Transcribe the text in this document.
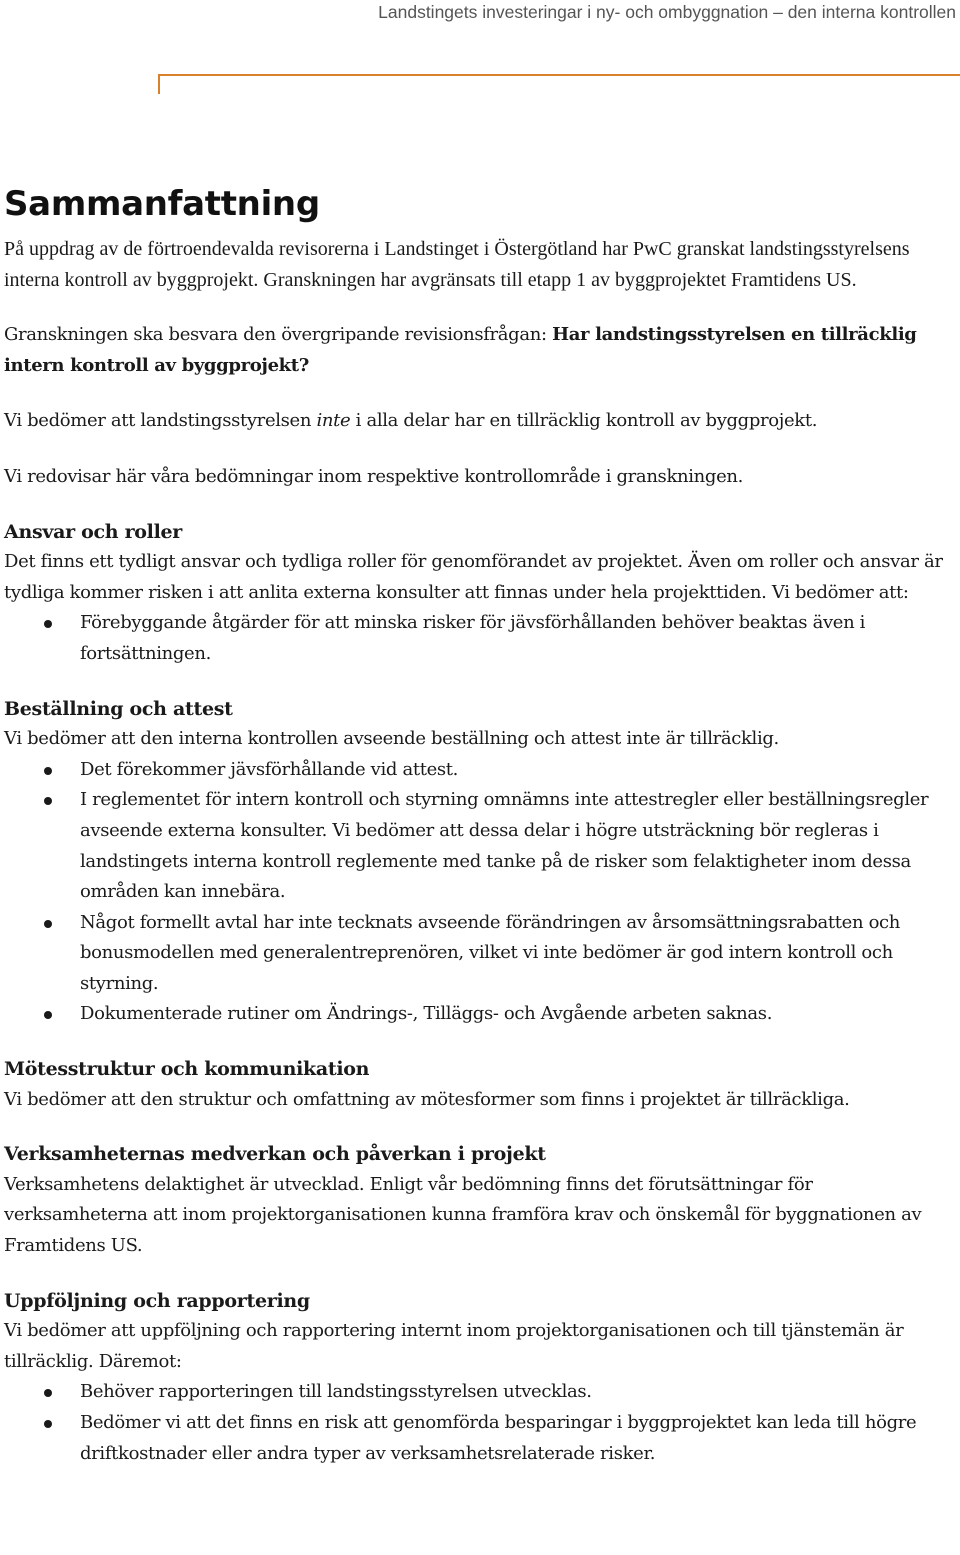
Landstingets investeringar i ny- och ombyggnation – den interna kontrollen
Sammanfattning

På uppdrag av de förtroendevalda revisorerna i Landstinget i Östergötland har PwC granskat landstingsstyrelsens interna kontroll av byggprojekt. Granskningen har avgränsats till etapp 1 av byggprojektet Framtidens US.

Granskningen ska besvara den övergripande revisionsfrågan: Har landstingsstyrelsen en tillräcklig intern kontroll av byggprojekt?

Vi bedömer att landstingsstyrelsen inte i alla delar har en tillräcklig kontroll av byggprojekt.

Vi redovisar här våra bedömningar inom respektive kontrollområde i granskningen.

Ansvar och roller

Det finns ett tydligt ansvar och tydliga roller för genomförandet av projektet. Även om roller och ansvar är tydliga kommer risken i att anlita externa konsulter att finnas under hela projekttiden. Vi bedömer att:

Förebyggande åtgärder för att minska risker för jävsförhållanden behöver beaktas även i fortsättningen.
Beställning och attest

Vi bedömer att den interna kontrollen avseende beställning och attest inte är tillräcklig.

Det förekommer jävsförhållande vid attest.
I reglementet för intern kontroll och styrning omnämns inte attestregler eller beställningsregler avseende externa konsulter. Vi bedömer att dessa delar i högre utsträckning bör regleras i landstingets interna kontroll reglemente med tanke på de risker som felaktigheter inom dessa områden kan innebära.
Något formellt avtal har inte tecknats avseende förändringen av årsomsättningsrabatten och bonusmodellen med generalentreprenören, vilket vi inte bedömer är god intern kontroll och styrning.
Dokumenterade rutiner om Ändrings-, Tilläggs- och Avgående arbeten saknas.
Mötesstruktur och kommunikation

Vi bedömer att den struktur och omfattning av mötesformer som finns i projektet är tillräckliga.

Verksamheternas medverkan och påverkan i projekt

Verksamhetens delaktighet är utvecklad. Enligt vår bedömning finns det förutsättningar för verksamheterna att inom projektorganisationen kunna framföra krav och önskemål för byggnationen av Framtidens US.

Uppföljning och rapportering

Vi bedömer att uppföljning och rapportering internt inom projektorganisationen och till tjänstemän är tillräcklig. Däremot:

Behöver rapporteringen till landstingsstyrelsen utvecklas.
Bedömer vi att det finns en risk att genomförda besparingar i byggprojektet kan leda till högre driftkostnader eller andra typer av verksamhetsrelaterade risker.
